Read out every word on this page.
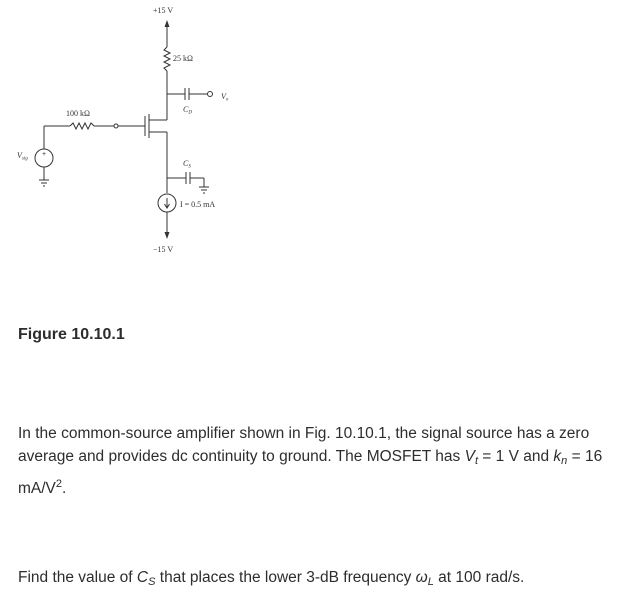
+
+15 V
25 kΩ
100 kΩ
Vo
CD
CS
Vsig
I = 0.5 mA
−15 V
Figure 10.10.1

In the common-source amplifier shown in Fig. 10.10.1, the signal source has a zero average and provides dc continuity to ground. The MOSFET has Vt = 1 V and kn = 16 $mA/V^2$.

Find the value of CS that places the lower 3-dB frequency ωL at 100 rad/s.
